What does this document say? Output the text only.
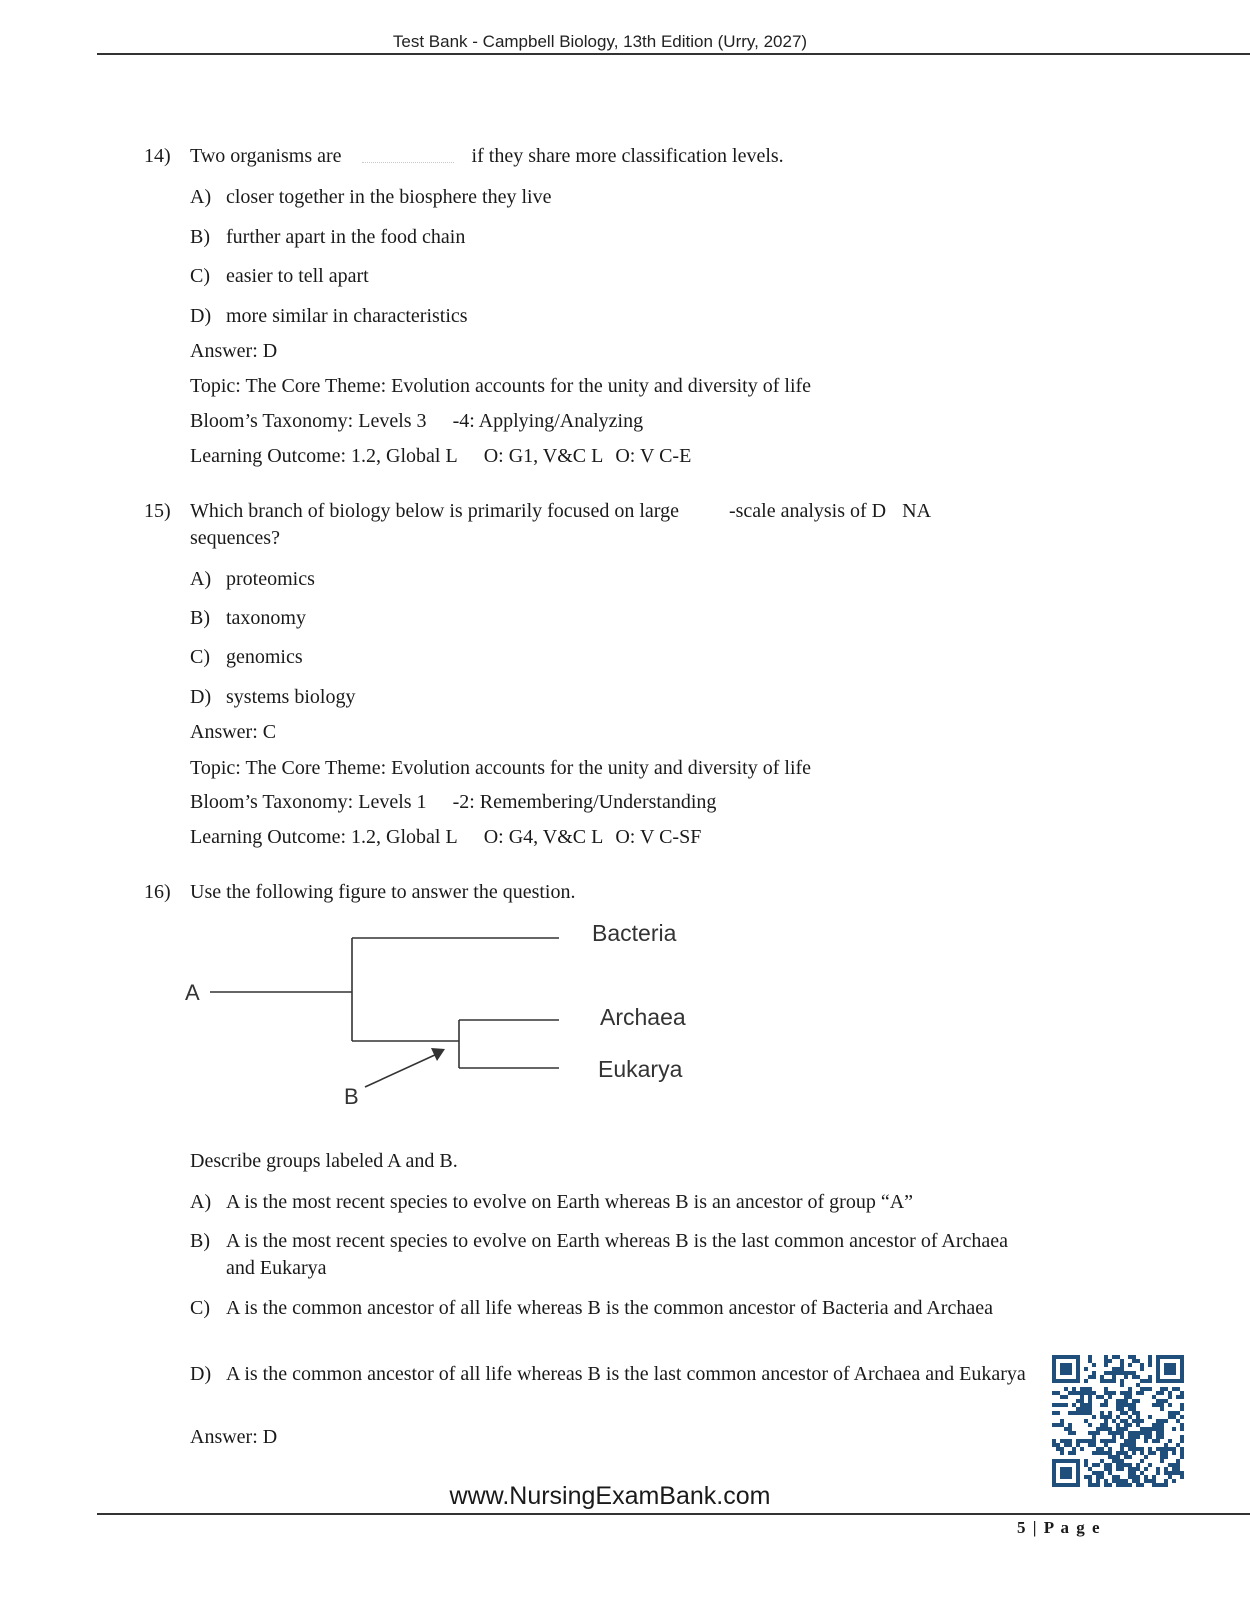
Test Bank - Campbell Biology, 13th Edition (Urry, 2027)
14) Two organisms are	if they share more classification levels.
A) closer together in the biosphere they live
B) further apart in the food chain
C) easier to tell apart
D) more similar in characteristics
Answer: D
Topic: The Core Theme: Evolution accounts for the unity and diversity of life
Bloom’s Taxonomy: Levels 3 -4: Applying/Analyzing
Learning Outcome: 1.2, Global L O: G1, V&C L O: V C-E
15) Which branch of biology below is primarily focused on large	-scale analysis of D NA
sequences?
A) proteomics
B) taxonomy
C) genomics
D) systems biology
Answer: C
Topic: The Core Theme: Evolution accounts for the unity and diversity of life
Bloom’s Taxonomy: Levels 1 -2: Remembering/Understanding
Learning Outcome: 1.2, Global L O: G4, V&C L O: V C-SF
16) Use the following figure to answer the question.
A
B
Bacteria
Archaea
Eukarya
Describe groups labeled A and B.
A) A is the most recent species to evolve on Earth whereas B is an ancestor of group “A”
B) A is the most recent species to evolve on Earth whereas B is the last common ancestor of Archaea and Eukarya
C) A is the common ancestor of all life whereas B is the common ancestor of Bacteria and Archaea
D) A is the common ancestor of all life whereas B is the last common ancestor of Archaea and Eukarya
Answer: D
www.NursingExamBank.com
5 | P a g e
